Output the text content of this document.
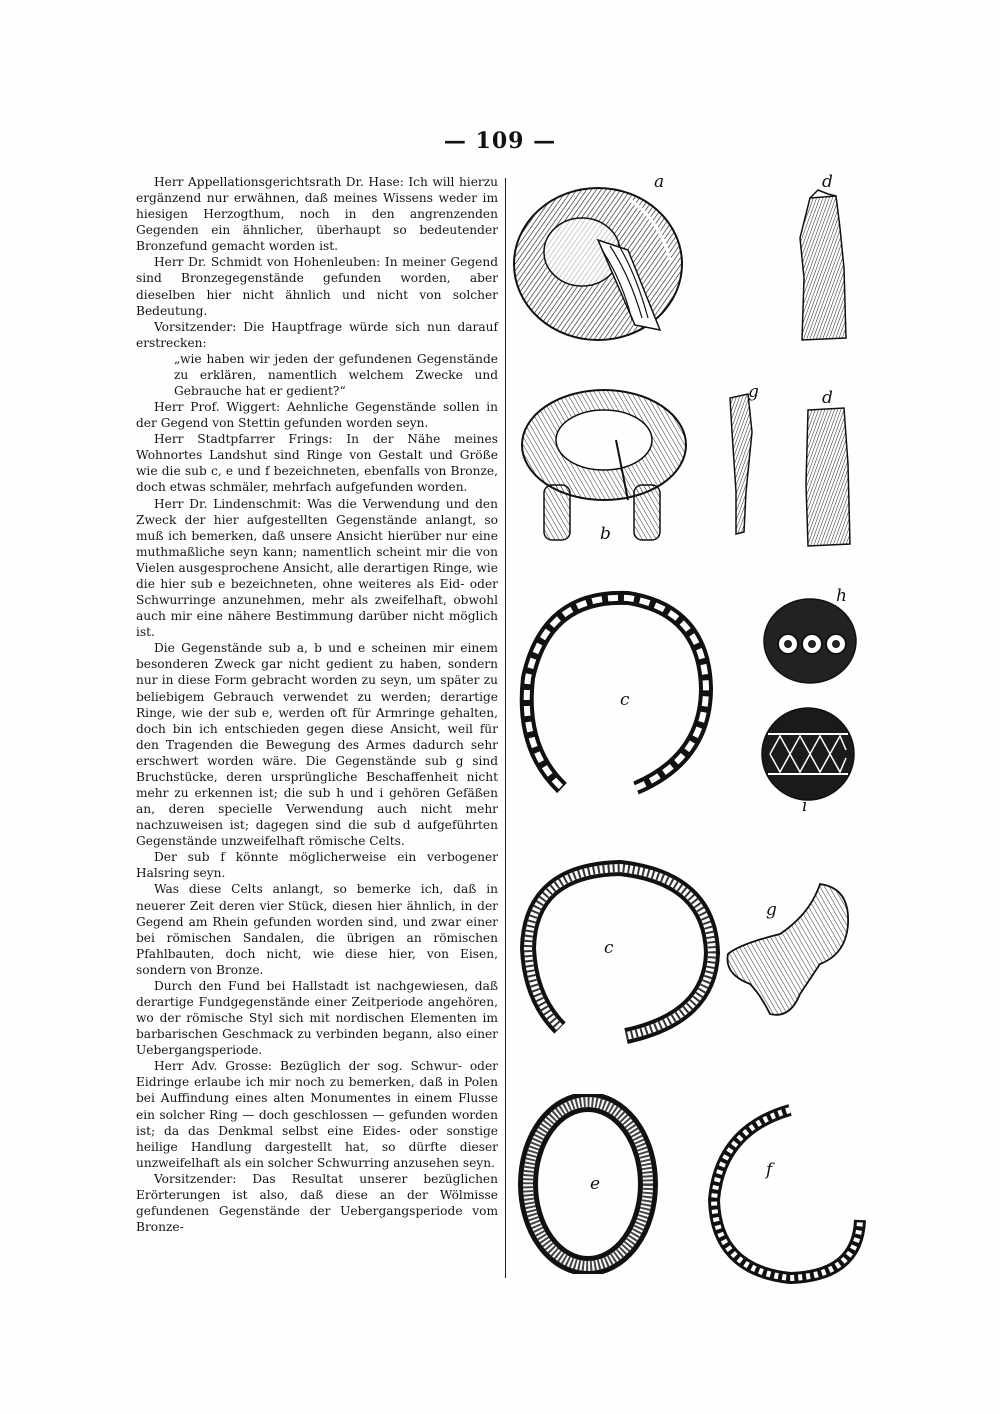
— 109 —

Herr Appellationsgerichtsrath Dr. Hase: Ich will hierzu ergänzend nur erwähnen, daß meines Wissens weder im hiesigen Herzogthum, noch in den angrenzenden Gegenden ein ähnlicher, überhaupt so bedeutender Bronzefund gemacht worden ist.

Herr Dr. Schmidt von Hohenleuben: In meiner Gegend sind Bronzegegenstände gefunden worden, aber dieselben hier nicht ähnlich und nicht von solcher Bedeutung.

Vorsitzender: Die Hauptfrage würde sich nun darauf erstrecken:

„wie haben wir jeden der gefundenen Gegenstände zu erklären, namentlich welchem Zwecke und Gebrauche hat er gedient?“

Herr Prof. Wiggert: Aehnliche Gegenstände sollen in der Gegend von Stettin gefunden worden seyn.

Herr Stadtpfarrer Frings: In der Nähe meines Wohnortes Landshut sind Ringe von Gestalt und Größe wie die sub c, e und f bezeichneten, ebenfalls von Bronze, doch etwas schmäler, mehrfach aufgefunden worden.

Herr Dr. Lindenschmit: Was die Verwendung und den Zweck der hier aufgestellten Gegenstände anlangt, so muß ich bemerken, daß unsere Ansicht hierüber nur eine muthmaßliche seyn kann; namentlich scheint mir die von Vielen ausgesprochene Ansicht, alle derartigen Ringe, wie die hier sub e bezeichneten, ohne weiteres als Eid- oder Schwurringe anzunehmen, mehr als zweifelhaft, obwohl auch mir eine nähere Bestimmung darüber nicht möglich ist.

Die Gegenstände sub a, b und e scheinen mir einem besonderen Zweck gar nicht gedient zu haben, sondern nur in diese Form gebracht worden zu seyn, um später zu beliebigem Gebrauch verwendet zu werden; derartige Ringe, wie der sub e, werden oft für Armringe gehalten, doch bin ich entschieden gegen diese Ansicht, weil für den Tragenden die Bewegung des Armes dadurch sehr erschwert worden wäre. Die Gegenstände sub g sind Bruchstücke, deren ursprüngliche Beschaffenheit nicht mehr zu erkennen ist; die sub h und i gehören Gefäßen an, deren specielle Verwendung auch nicht mehr nachzuweisen ist; dagegen sind die sub d aufgeführten Gegenstände unzweifelhaft römische Celts.

Der sub f könnte möglicherweise ein verbogener Halsring seyn.

Was diese Celts anlangt, so bemerke ich, daß in neuerer Zeit deren vier Stück, diesen hier ähnlich, in der Gegend am Rhein gefunden worden sind, und zwar einer bei römischen Sandalen, die übrigen an römischen Pfahlbauten, doch nicht, wie diese hier, von Eisen, sondern von Bronze.

Durch den Fund bei Hallstadt ist nachgewiesen, daß derartige Fundgegenstände einer Zeitperiode angehören, wo der römische Styl sich mit nordischen Elementen im barbarischen Geschmack zu verbinden begann, also einer Uebergangsperiode.

Herr Adv. Grosse: Bezüglich der sog. Schwur- oder Eidringe erlaube ich mir noch zu bemerken, daß in Polen bei Auffindung eines alten Monumentes in einem Flusse ein solcher Ring — doch geschlossen — gefunden worden ist; da das Denkmal selbst eine Eides- oder sonstige heilige Handlung dargestellt hat, so dürfte dieser unzweifelhaft als ein solcher Schwurring anzusehen seyn.

Vorsitzender: Das Resultat unserer bezüglichen Erörterungen ist also, daß diese an der Wölmisse gefundenen Gegenstände der Uebergangsperiode vom Bronze-

a	d
b
g	d
c
h
i
c
g
e
f
